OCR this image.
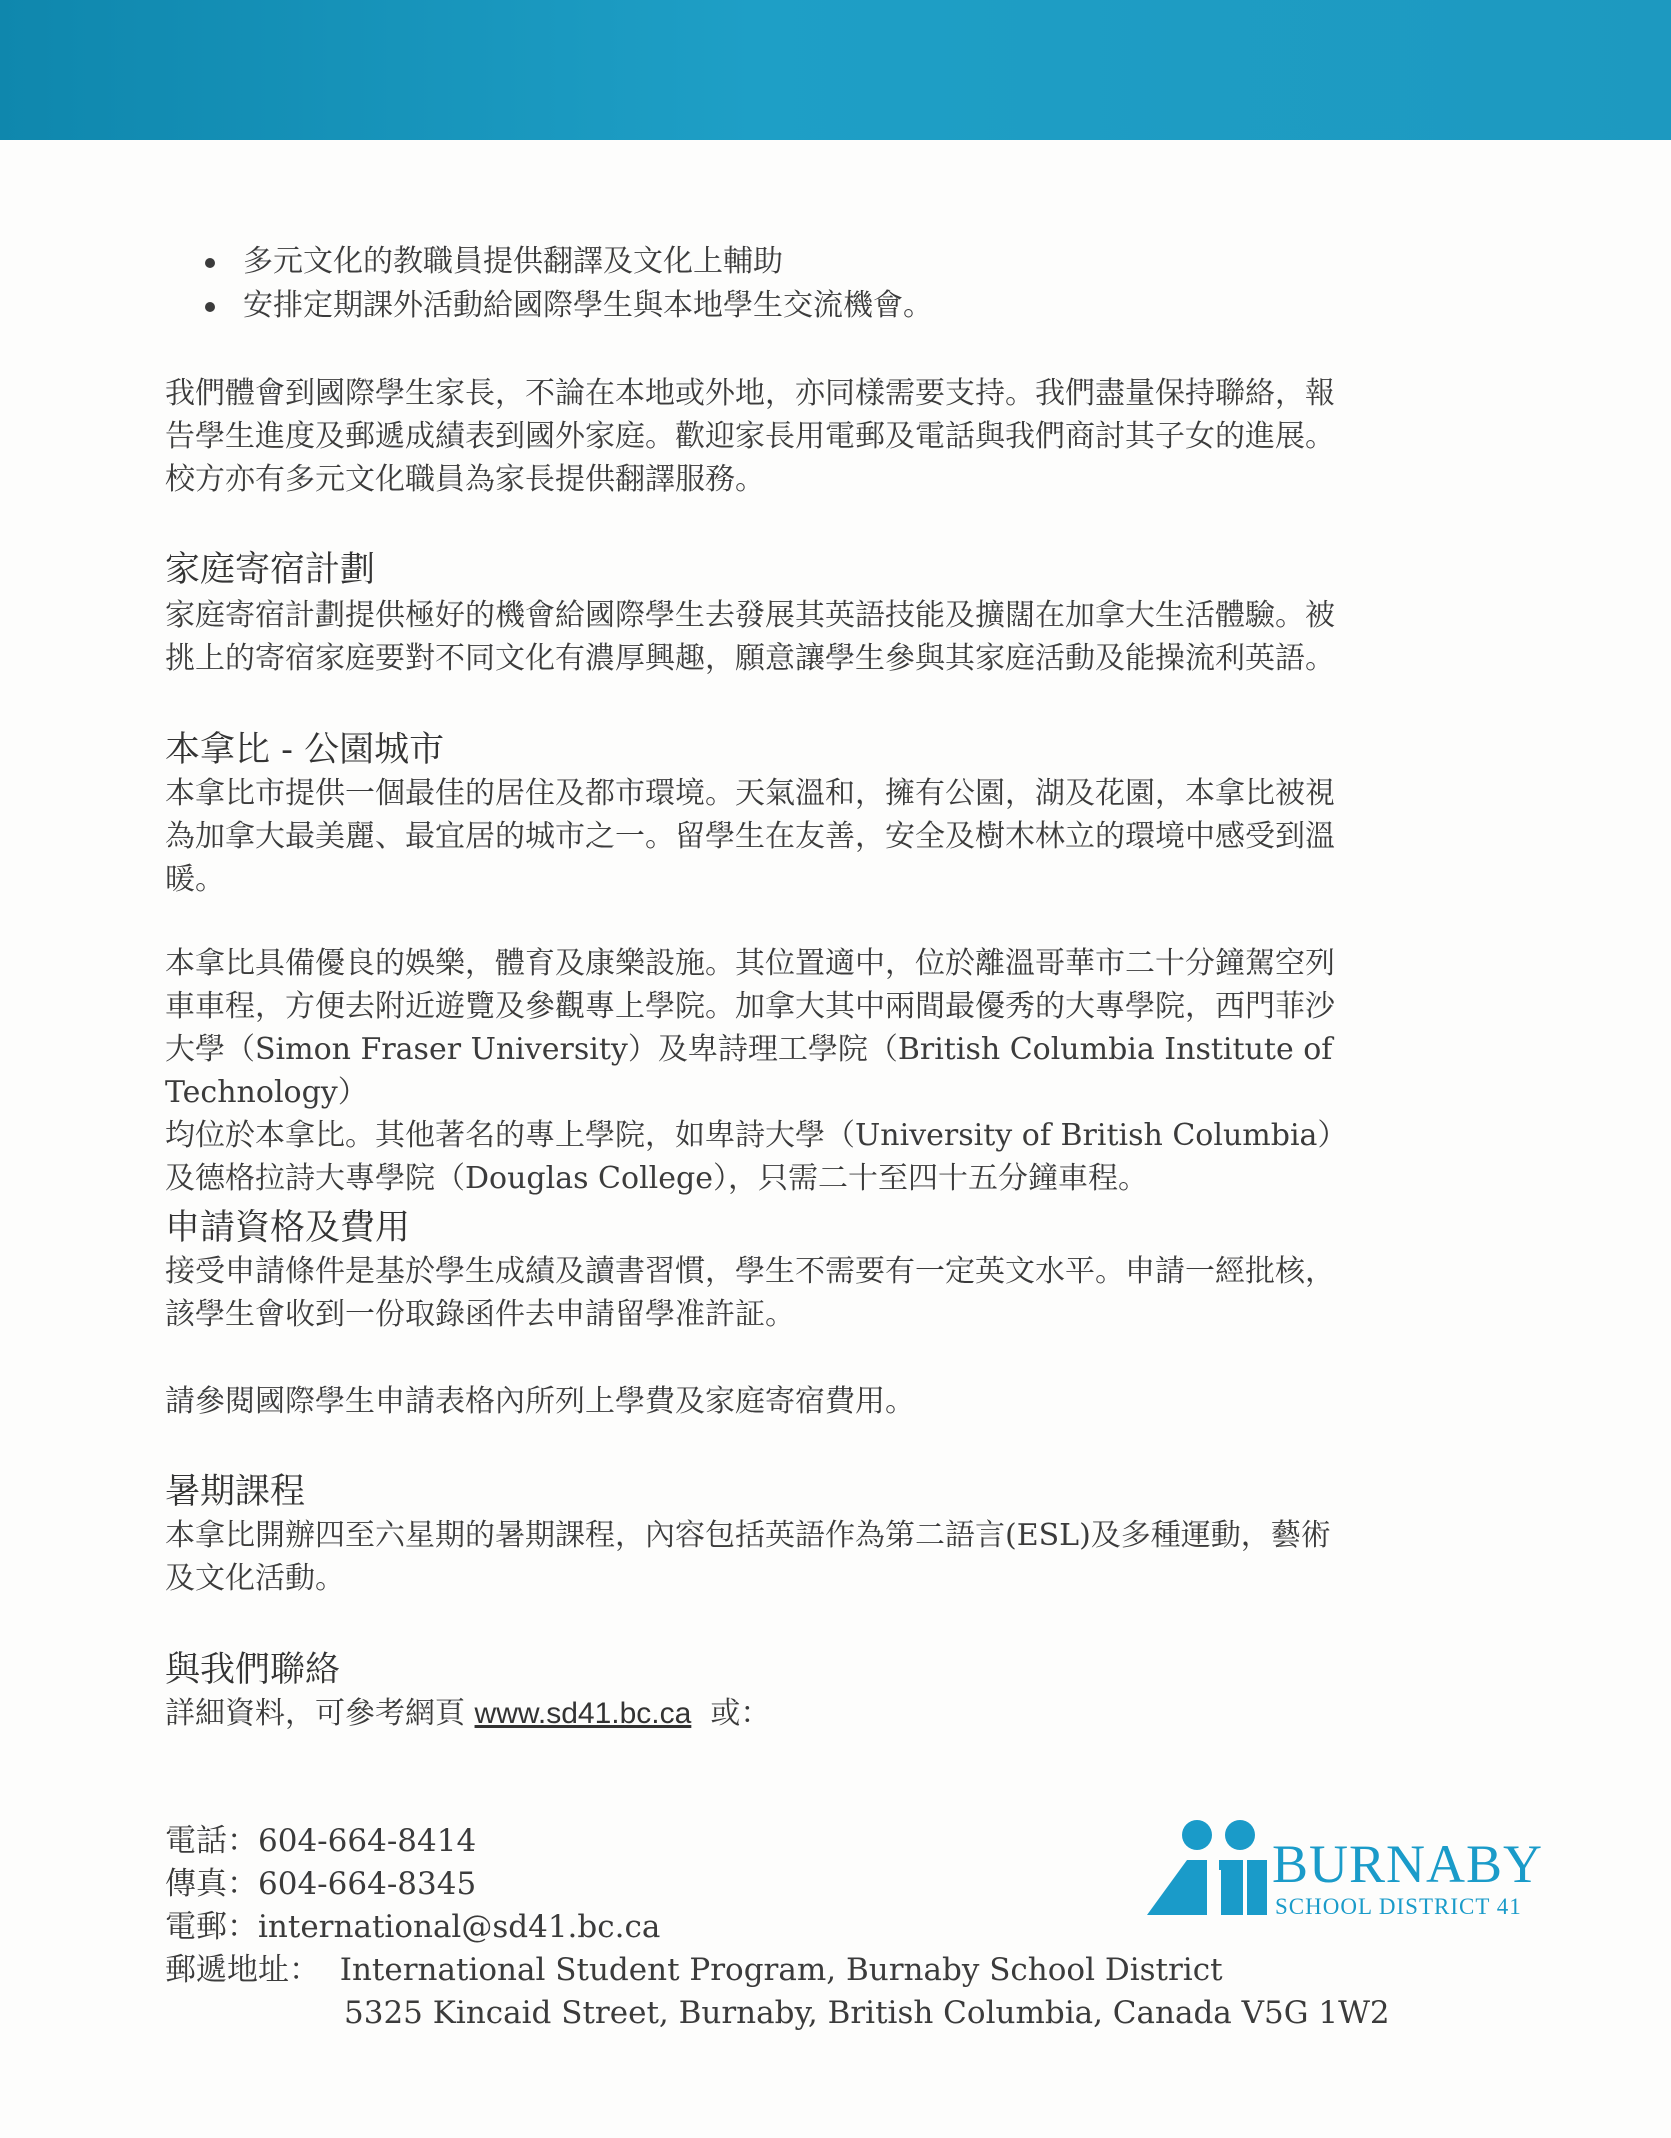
多元文化的教職員提供翻譯及文化上輔助
安排定期課外活動給國際學生與本地學生交流機會。
我們體會到國際學生家長，不論在本地或外地，亦同樣需要支持。我們盡量保持聯絡，報
告學生進度及郵遞成績表到國外家庭。歡迎家長用電郵及電話與我們商討其子女的進展。
校方亦有多元文化職員為家長提供翻譯服務。
家庭寄宿計劃
家庭寄宿計劃提供極好的機會給國際學生去發展其英語技能及擴闊在加拿大生活體驗。被
挑上的寄宿家庭要對不同文化有濃厚興趣，願意讓學生參與其家庭活動及能操流利英語。
本拿比 - 公園城市
本拿比市提供一個最佳的居住及都市環境。天氣溫和，擁有公園，湖及花園，本拿比被視
為加拿大最美麗、最宜居的城市之一。留學生在友善，安全及樹木林立的環境中感受到溫
暖。
本拿比具備優良的娛樂，體育及康樂設施。其位置適中，位於離溫哥華市二十分鐘駕空列
車車程，方便去附近遊覽及參觀專上學院。加拿大其中兩間最優秀的大專學院，西門菲沙
大學（Simon Fraser University）及卑詩理工學院（British Columbia Institute of Technology）
均位於本拿比。其他著名的專上學院，如卑詩大學（University of British Columbia）
及德格拉詩大專學院（Douglas College），只需二十至四十五分鐘車程。
申請資格及費用
接受申請條件是基於學生成績及讀書習慣，學生不需要有一定英文水平。申請一經批核，
該學生會收到一份取錄函件去申請留學准許証。
請參閱國際學生申請表格內所列上學費及家庭寄宿費用。
暑期課程
本拿比開辦四至六星期的暑期課程，內容包括英語作為第二語言(ESL)及多種運動，藝術
及文化活動。
與我們聯絡
詳細資料，可參考網頁 www.sd41.bc.ca  或：
電話： 604-664-8414
傳真： 604-664-8345
電郵： international@sd41.bc.ca
郵遞地址： International Student Program, Burnaby School District
5325 Kincaid Street, Burnaby, British Columbia, Canada V5G 1W2
BURNABY
SCHOOL DISTRICT 41
